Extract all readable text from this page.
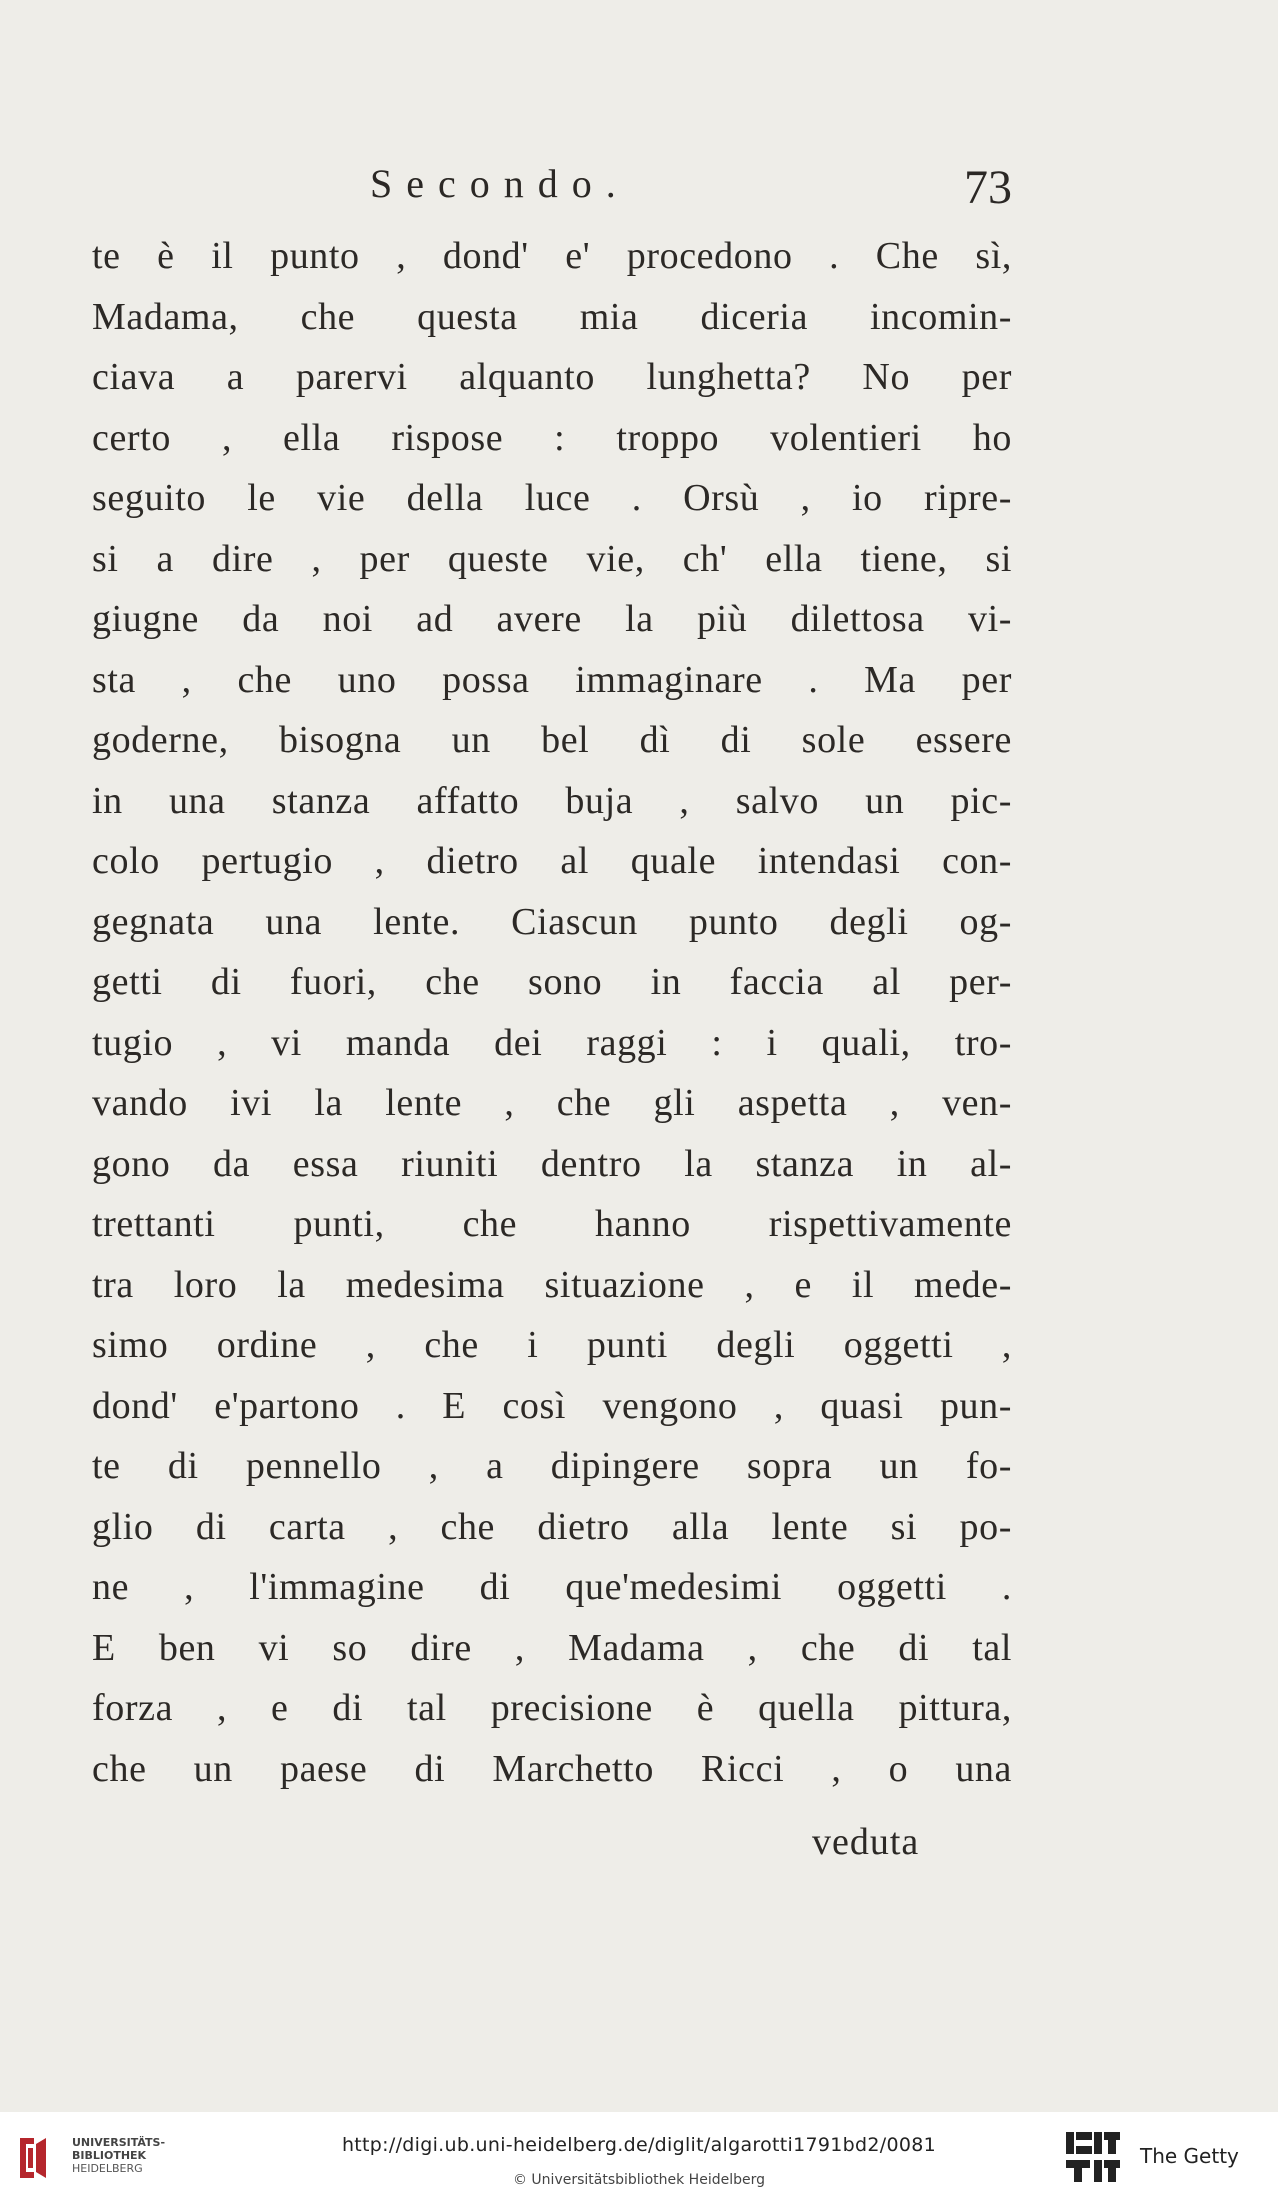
Secondo.	73
te è il punto , dond' e' procedono . Che sì,
Madama, che questa mia diceria incomin-
ciava a parervi alquanto lunghetta? No per
certo , ella rispose : troppo volentieri ho
seguito le vie della luce . Orsù , io ripre-
si a dire , per queste vie, ch' ella tiene, si
giugne da noi ad avere la più dilettosa vi-
sta , che uno possa immaginare . Ma per
goderne, bisogna un bel dì di sole essere
in una stanza affatto buja , salvo un pic-
colo pertugio , dietro al quale intendasi con-
gegnata una lente. Ciascun punto degli og-
getti di fuori, che sono in faccia al per-
tugio , vi manda dei raggi : i quali, tro-
vando ivi la lente , che gli aspetta , ven-
gono da essa riuniti dentro la stanza in al-
trettanti punti, che hanno rispettivamente
tra loro la medesima situazione , e il mede-
simo ordine , che i punti degli oggetti ,
dond' e'partono . E così vengono , quasi pun-
te di pennello , a dipingere sopra un fo-
glio di carta , che dietro alla lente si po-
ne , l'immagine di que'medesimi oggetti .
E ben vi so dire , Madama , che di tal
forza , e di tal precisione è quella pittura,
che un paese di Marchetto Ricci , o una
veduta
UNIVERSITÄTS-
BIBLIOTHEK
HEIDELBERG
http://digi.ub.uni-heidelberg.de/diglit/algarotti1791bd2/0081
© Universitätsbibliothek Heidelberg
The Getty
